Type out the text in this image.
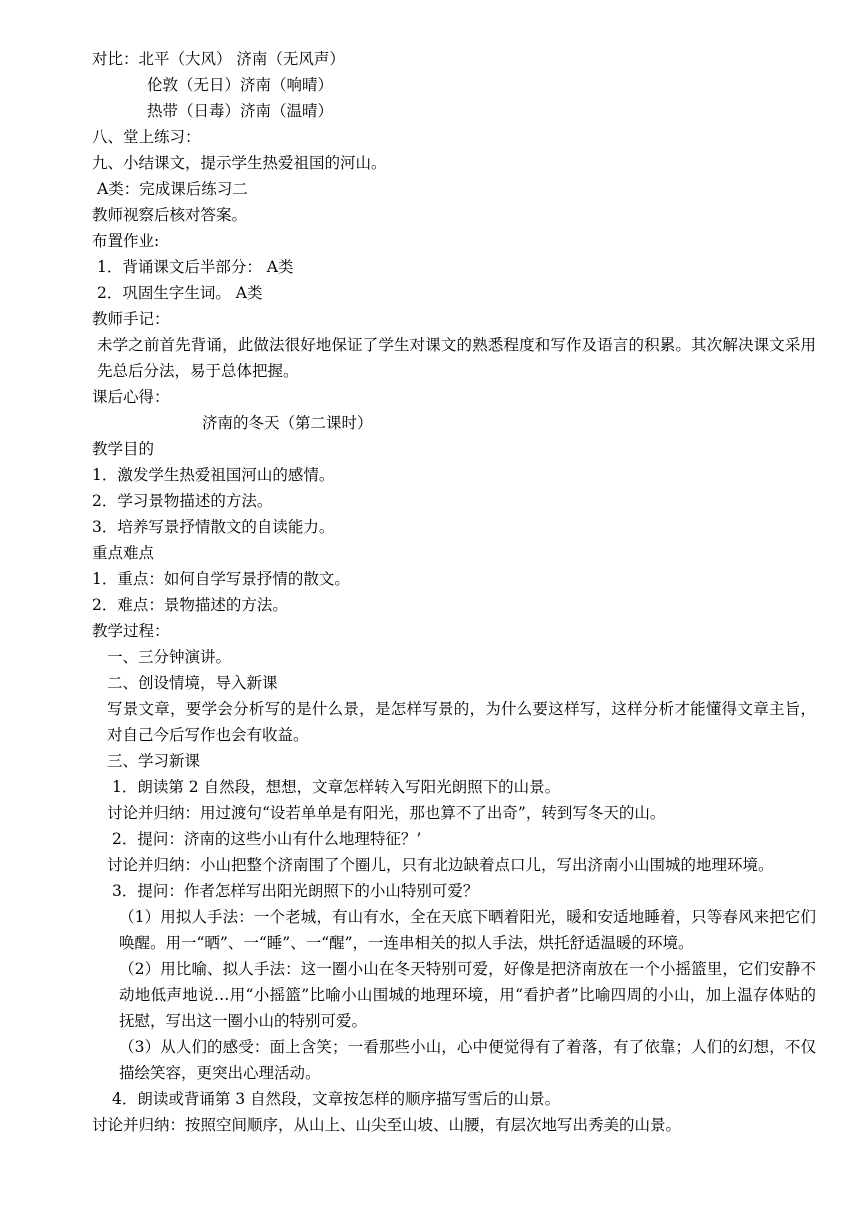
对比：北平（大风） 济南（无风声）
伦敦（无日）济南（响晴）
热带（日毒）济南（温晴）
八、堂上练习：
九、小结课文，提示学生热爱祖国的河山。
A类：完成课后练习二
教师视察后核对答案。
布置作业:
1．背诵课文后半部分： A类
2．巩固生字生词。 A类
教师手记：
未学之前首先背诵，此做法很好地保证了学生对课文的熟悉程度和写作及语言的积累。其次解决课文采用先总后分法，易于总体把握。
课后心得：
济南的冬天（第二课时）
教学目的
1．激发学生热爱祖国河山的感情。
2．学习景物描述的方法。
3．培养写景抒情散文的自读能力。
重点难点
1．重点：如何自学写景抒情的散文。
2．难点：景物描述的方法。
教学过程：
一、三分钟演讲。
二、创设情境，导入新课
写景文章，要学会分析写的是什么景，是怎样写景的，为什么要这样写，这样分析才能懂得文章主旨，对自己今后写作也会有收益。
三、学习新课
1．朗读第 2 自然段，想想，文章怎样转入写阳光朗照下的山景。
讨论并归纳：用过渡句“设若单单是有阳光，那也算不了出奇”，转到写冬天的山。
2．提问：济南的这些小山有什么地理特征？’
讨论并归纳：小山把整个济南围了个圈儿，只有北边缺着点口儿，写出济南小山围城的地理环境。
3．提问：作者怎样写出阳光朗照下的小山特别可爱？
（1）用拟人手法：一个老城，有山有水，全在天底下晒着阳光，暖和安适地睡着，只等春风来把它们唤醒。用一“晒”、一“睡”、一“醒”，一连串相关的拟人手法，烘托舒适温暖的环境。
（2）用比喻、拟人手法：这一圈小山在冬天特别可爱，好像是把济南放在一个小摇篮里，它们安静不动地低声地说…用“小摇篮”比喻小山围城的地理环境，用“看护者”比喻四周的小山，加上温存体贴的抚慰，写出这一圈小山的特别可爱。
（3）从人们的感受：面上含笑；一看那些小山，心中便觉得有了着落，有了依靠；人们的幻想，不仅描绘笑容，更突出心理活动。
4．朗读或背诵第 3 自然段，文章按怎样的顺序描写雪后的山景。
讨论并归纳：按照空间顺序，从山上、山尖至山坡、山腰，有层次地写出秀美的山景。
